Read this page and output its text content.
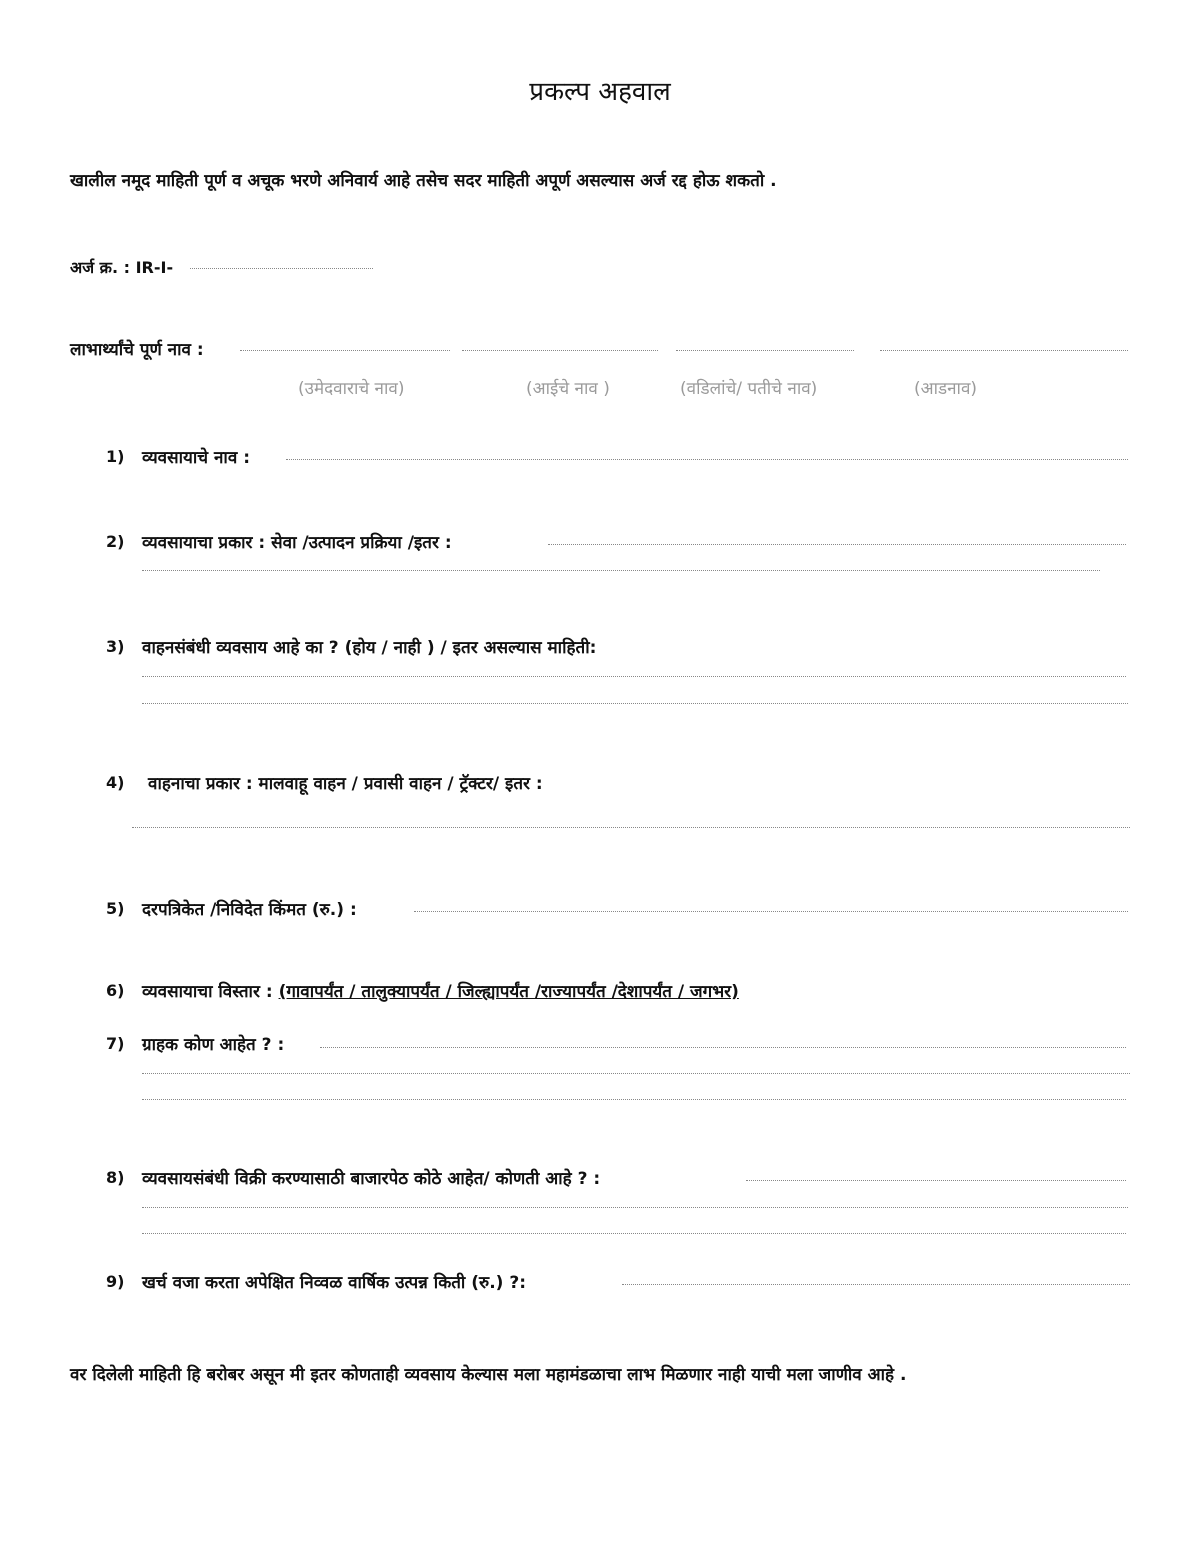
प्रकल्प अहवाल
खालील नमूद माहिती पूर्ण व अचूक भरणे अनिवार्य आहे तसेच सदर माहिती अपूर्ण असल्यास अर्ज रद्द होऊ शकतो .
अर्ज क्र. : IR-I-
लाभार्थ्यांचे पूर्ण नाव :
(उमेदवाराचे नाव)	(आईचे नाव )	(वडिलांचे/ पतीचे नाव)	(आडनाव)
1) व्यवसायाचे नाव :
2) व्यवसायाचा प्रकार : सेवा /उत्पादन प्रक्रिया /इतर :
3) वाहनसंबंधी व्यवसाय आहे का ? (होय / नाही ) / इतर असल्यास माहिती:
4) वाहनाचा प्रकार : मालवाहू वाहन / प्रवासी वाहन / ट्रॅक्टर/ इतर :
5) दरपत्रिकेत /निविदेत किंमत (रु.) :
6) व्यवसायाचा विस्तार : (गावापर्यंत / तालुक्यापर्यंत / जिल्ह्यापर्यंत /राज्यापर्यंत /देशापर्यंत / जगभर)
7) ग्राहक कोण आहेत ? :
8) व्यवसायसंबंधी विक्री करण्यासाठी बाजारपेठ कोठे आहेत/ कोणती आहे ? :
9) खर्च वजा करता अपेक्षित निव्वळ वार्षिक उत्पन्न किती (रु.) ?:
वर दिलेली माहिती हि बरोबर असून मी इतर कोणताही व्यवसाय केल्यास मला महामंडळाचा लाभ मिळणार नाही याची मला जाणीव आहे .
